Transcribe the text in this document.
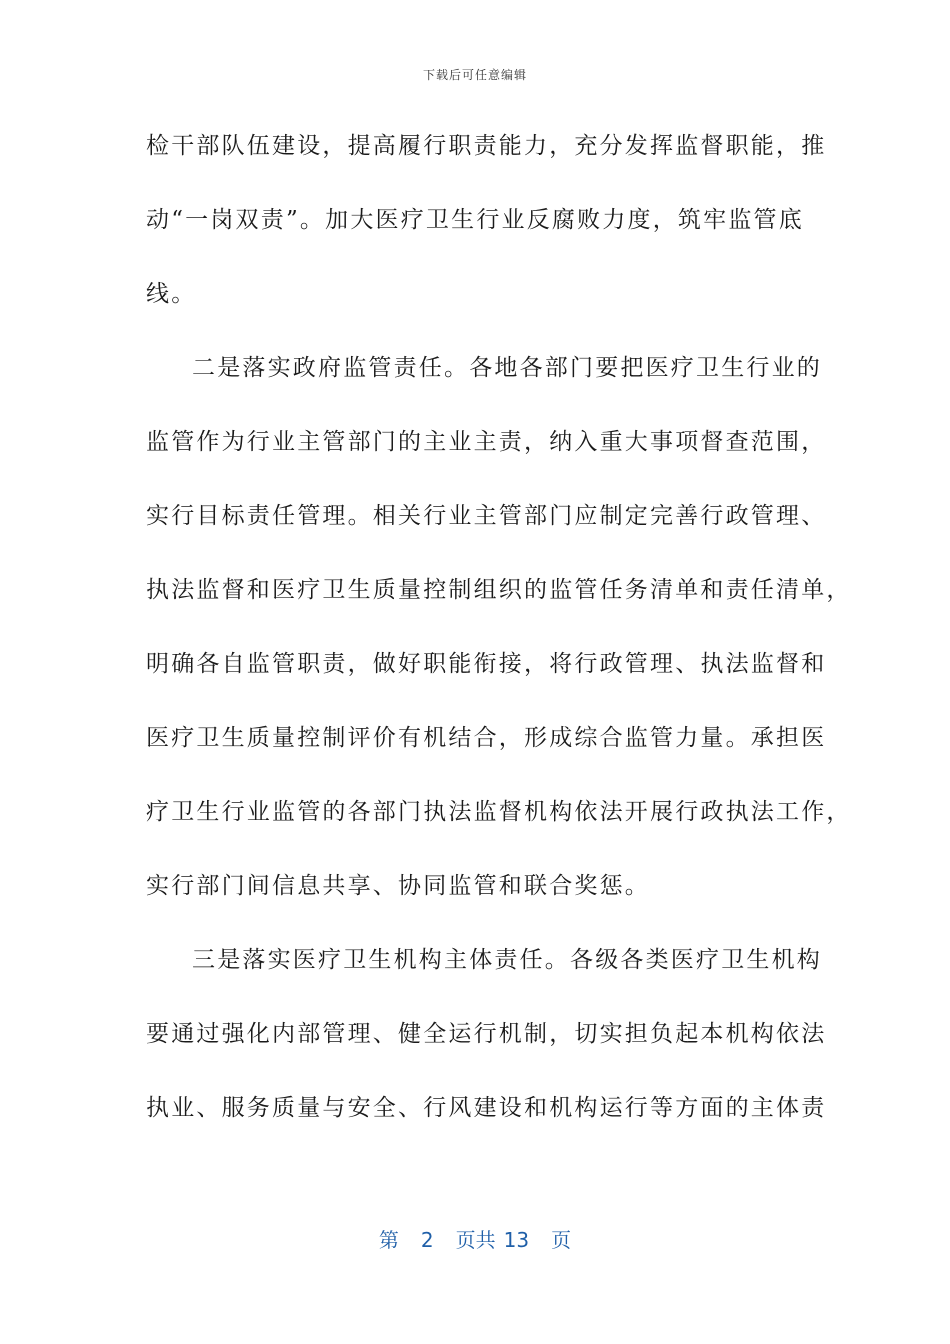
下载后可任意编辑
检干部队伍建设，提高履行职责能力，充分发挥监督职能，推
动“一岗双责”。加大医疗卫生行业反腐败力度，筑牢监管底
线。
二是落实政府监管责任。各地各部门要把医疗卫生行业的
监管作为行业主管部门的主业主责，纳入重大事项督查范围，
实行目标责任管理。相关行业主管部门应制定完善行政管理、
执法监督和医疗卫生质量控制组织的监管任务清单和责任清单，
明确各自监管职责，做好职能衔接，将行政管理、执法监督和
医疗卫生质量控制评价有机结合，形成综合监管力量。承担医
疗卫生行业监管的各部门执法监督机构依法开展行政执法工作，
实行部门间信息共享、协同监管和联合奖惩。
三是落实医疗卫生机构主体责任。各级各类医疗卫生机构
要通过强化内部管理、健全运行机制，切实担负起本机构依法
执业、服务质量与安全、行风建设和机构运行等方面的主体责
第 2 页共 13 页
